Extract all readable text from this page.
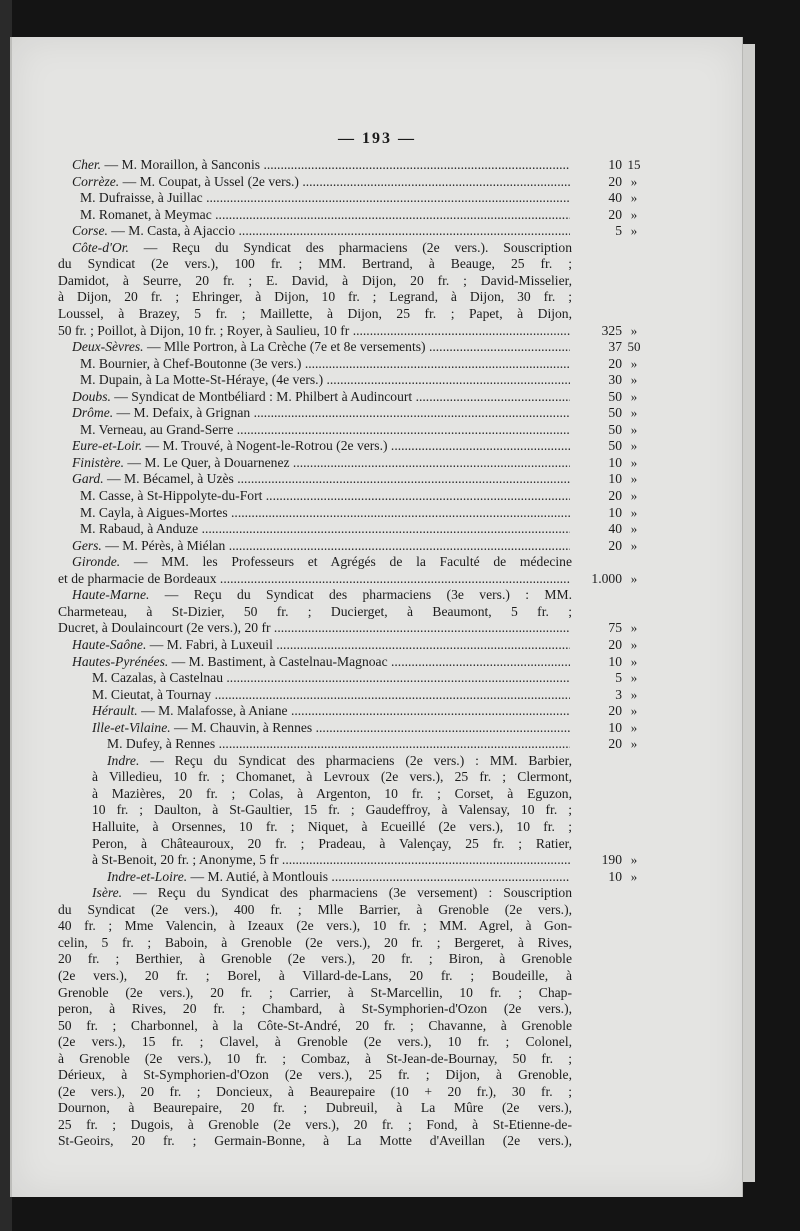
— 193 —
Cher. — M. Moraillon, à Sanconis .....	10 15
Corrèze. — M. Coupat, à Ussel (2e vers.) .....	20 »
M. Dufraisse, à Juillac .....	40 »
M. Romanet, à Meymac .....	20 »
Corse. — M. Casta, à Ajaccio .....	5 »
Côte-d'Or. — Reçu du Syndicat des pharmaciens (2e vers.). Souscription
du Syndicat (2e vers.), 100 fr. ; MM. Bertrand, à Beauge, 25 fr. ;
Damidot, à Seurre, 20 fr. ; E. David, à Dijon, 20 fr. ; David-Misselier,
à Dijon, 20 fr. ; Ehringer, à Dijon, 10 fr. ; Legrand, à Dijon, 30 fr. ;
Loussel, à Brazey, 5 fr. ; Maillette, à Dijon, 25 fr. ; Papet, à Dijon,
50 fr. ; Poillot, à Dijon, 10 fr. ; Royer, à Saulieu, 10 fr .....	325 »
Deux-Sèvres. — Mlle Portron, à La Crèche (7e et 8e versements) .....	37 50
M. Bournier, à Chef-Boutonne (3e vers.) .....	20 »
M. Dupain, à La Motte-St-Héraye, (4e vers.) .....	30 »
Doubs. — Syndicat de Montbéliard : M. Philbert à Audincourt .....	50 »
Drôme. — M. Defaix, à Grignan .....	50 »
M. Verneau, au Grand-Serre .....	50 »
Eure-et-Loir. — M. Trouvé, à Nogent-le-Rotrou (2e vers.) .....	50 »
Finistère. — M. Le Quer, à Douarnenez .....	10 »
Gard. — M. Bécamel, à Uzès .....	10 »
M. Casse, à St-Hippolyte-du-Fort .....	20 »
M. Cayla, à Aigues-Mortes .....	10 »
M. Rabaud, à Anduze .....	40 »
Gers. — M. Pérès, à Miélan .....	20 »
Gironde. — MM. les Professeurs et Agrégés de la Faculté de médecine
et de pharmacie de Bordeaux .....	1.000 »
Haute-Marne. — Reçu du Syndicat des pharmaciens (3e vers.) : MM.
Charmeteau, à St-Dizier, 50 fr. ; Ducierget, à Beaumont, 5 fr. ;
Ducret, à Doulaincourt (2e vers.), 20 fr .....	75 »
Haute-Saône. — M. Fabri, à Luxeuil .....	20 »
Hautes-Pyrénées. — M. Bastiment, à Castelnau-Magnoac .....	10 »
M. Cazalas, à Castelnau .....	5 »
M. Cieutat, à Tournay .....	3 »
Hérault. — M. Malafosse, à Aniane .....	20 »
Ille-et-Vilaine. — M. Chauvin, à Rennes .....	10 »
M. Dufey, à Rennes .....	20 »
Indre. — Reçu du Syndicat des pharmaciens (2e vers.) : MM. Barbier,
à Villedieu, 10 fr. ; Chomanet, à Levroux (2e vers.), 25 fr. ; Clermont,
à Mazières, 20 fr. ; Colas, à Argenton, 10 fr. ; Corset, à Eguzon,
10 fr. ; Daulton, à St-Gaultier, 15 fr. ; Gaudeffroy, à Valensay, 10 fr. ;
Halluite, à Orsennes, 10 fr. ; Niquet, à Ecueillé (2e vers.), 10 fr. ;
Peron, à Châteauroux, 20 fr. ; Pradeau, à Valençay, 25 fr. ; Ratier,
à St-Benoit, 20 fr. ; Anonyme, 5 fr .....	190 »
Indre-et-Loire. — M. Autié, à Montlouis .....	10 »
Isère. — Reçu du Syndicat des pharmaciens (3e versement) : Souscription
du Syndicat (2e vers.), 400 fr. ; Mlle Barrier, à Grenoble (2e vers.),
40 fr. ; Mme Valencin, à Izeaux (2e vers.), 10 fr. ; MM. Agrel, à Gon-
celin, 5 fr. ; Baboin, à Grenoble (2e vers.), 20 fr. ; Bergeret, à Rives,
20 fr. ; Berthier, à Grenoble (2e vers.), 20 fr. ; Biron, à Grenoble
(2e vers.), 20 fr. ; Borel, à Villard-de-Lans, 20 fr. ; Boudeille, à
Grenoble (2e vers.), 20 fr. ; Carrier, à St-Marcellin, 10 fr. ; Chap-
peron, à Rives, 20 fr. ; Chambard, à St-Symphorien-d'Ozon (2e vers.),
50 fr. ; Charbonnel, à la Côte-St-André, 20 fr. ; Chavanne, à Grenoble
(2e vers.), 15 fr. ; Clavel, à Grenoble (2e vers.), 10 fr. ; Colonel,
à Grenoble (2e vers.), 10 fr. ; Combaz, à St-Jean-de-Bournay, 50 fr. ;
Dérieux, à St-Symphorien-d'Ozon (2e vers.), 25 fr. ; Dijon, à Grenoble,
(2e vers.), 20 fr. ; Doncieux, à Beaurepaire (10 + 20 fr.), 30 fr. ;
Dournon, à Beaurepaire, 20 fr. ; Dubreuil, à La Mûre (2e vers.),
25 fr. ; Dugois, à Grenoble (2e vers.), 20 fr. ; Fond, à St-Etienne-de-
St-Geoirs, 20 fr. ; Germain-Bonne, à La Motte d'Aveillan (2e vers.),
